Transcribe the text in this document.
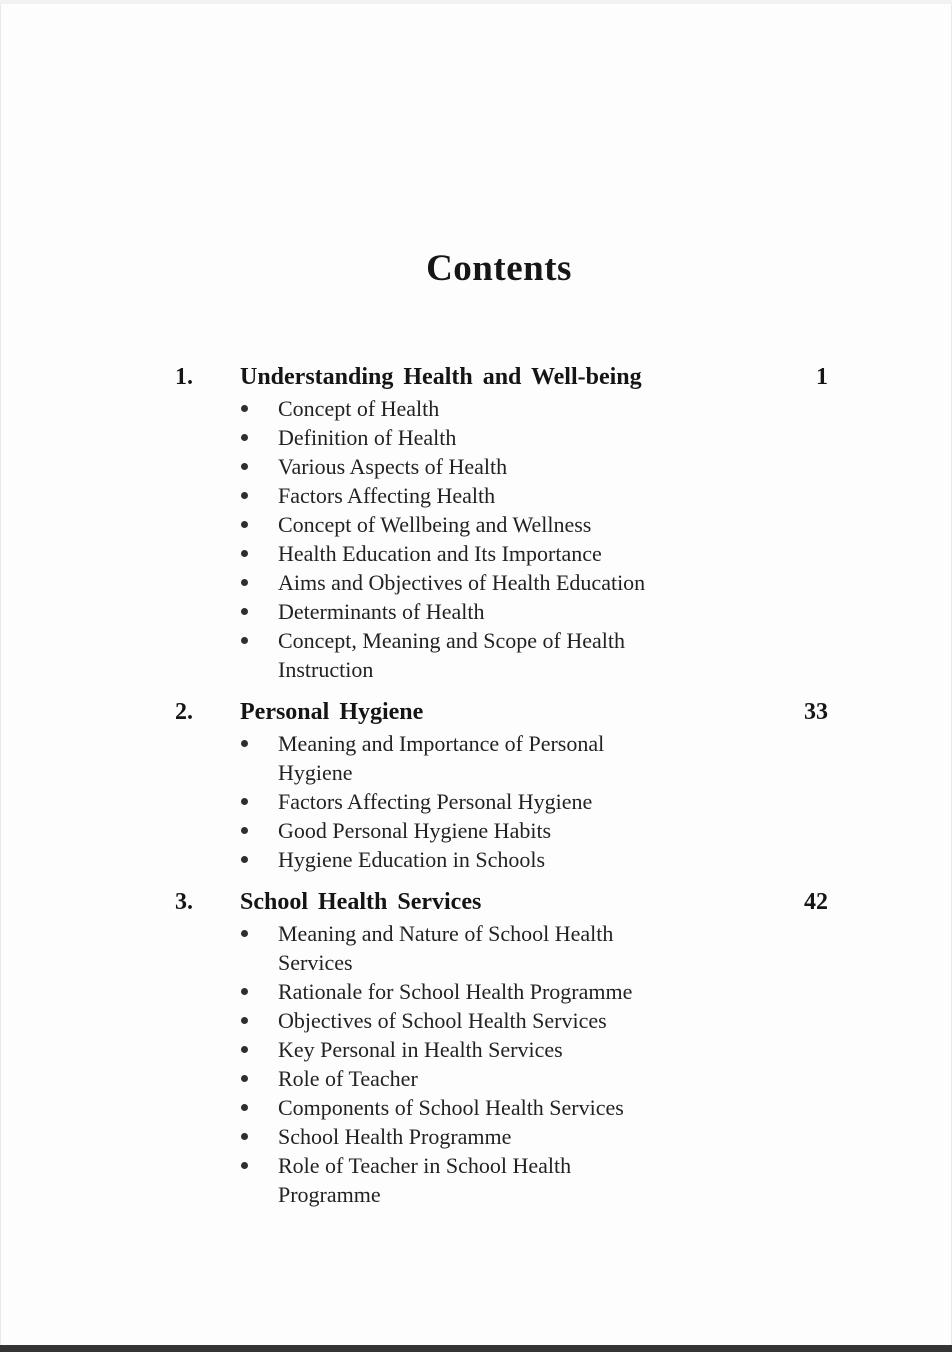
Contents
1.	Understanding Health and Well-being	1
Concept of Health
Definition of Health
Various Aspects of Health
Factors Affecting Health
Concept of Wellbeing and Wellness
Health Education and Its Importance
Aims and Objectives of Health Education
Determinants of Health
Concept, Meaning and Scope of Health
Instruction
2.	Personal Hygiene	33
Meaning and Importance of Personal
Hygiene
Factors Affecting Personal Hygiene
Good Personal Hygiene Habits
Hygiene Education in Schools
3.	School Health Services	42
Meaning and Nature of School Health
Services
Rationale for School Health Programme
Objectives of School Health Services
Key Personal in Health Services
Role of Teacher
Components of School Health Services
School Health Programme
Role of Teacher in School Health
Programme
